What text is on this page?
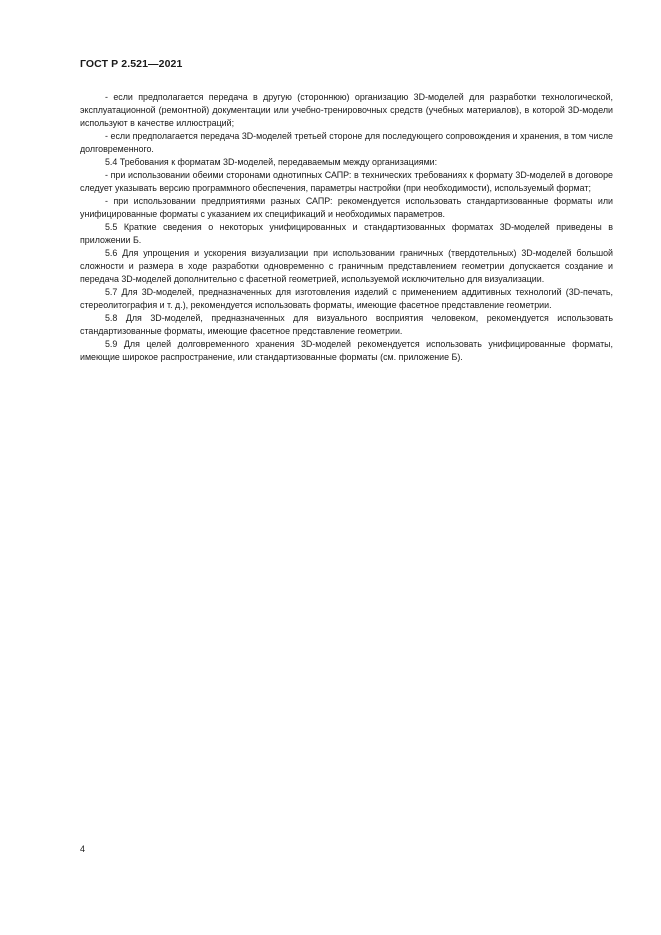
ГОСТ Р 2.521—2021

- если предполагается передача в другую (стороннюю) организацию 3D-моделей для разработки технологической, эксплуатационной (ремонтной) документации или учебно-тренировочных средств (учебных материалов), в которой 3D-модели используют в качестве иллюстраций;

- если предполагается передача 3D-моделей третьей стороне для последующего сопровождения и хранения, в том числе долговременного.

5.4 Требования к форматам 3D-моделей, передаваемым между организациями:

- при использовании обеими сторонами однотипных САПР: в технических требованиях к формату 3D-моделей в договоре следует указывать версию программного обеспечения, параметры настройки (при необходимости), используемый формат;

- при использовании предприятиями разных САПР: рекомендуется использовать стандартизованные форматы или унифицированные форматы с указанием их спецификаций и необходимых параметров.

5.5 Краткие сведения о некоторых унифицированных и стандартизованных форматах 3D-моделей приведены в приложении Б.

5.6 Для упрощения и ускорения визуализации при использовании граничных (твердотельных) 3D-моделей большой сложности и размера в ходе разработки одновременно с граничным представлением геометрии допускается создание и передача 3D-моделей дополнительно с фасетной геометрией, используемой исключительно для визуализации.

5.7 Для 3D-моделей, предназначенных для изготовления изделий с применением аддитивных технологий (3D-печать, стереолитография и т. д.), рекомендуется использовать форматы, имеющие фасетное представление геометрии.

5.8 Для 3D-моделей, предназначенных для визуального восприятия человеком, рекомендуется использовать стандартизованные форматы, имеющие фасетное представление геометрии.

5.9 Для целей долговременного хранения 3D-моделей рекомендуется использовать унифицированные форматы, имеющие широкое распространение, или стандартизованные форматы (см. приложение Б).

4
